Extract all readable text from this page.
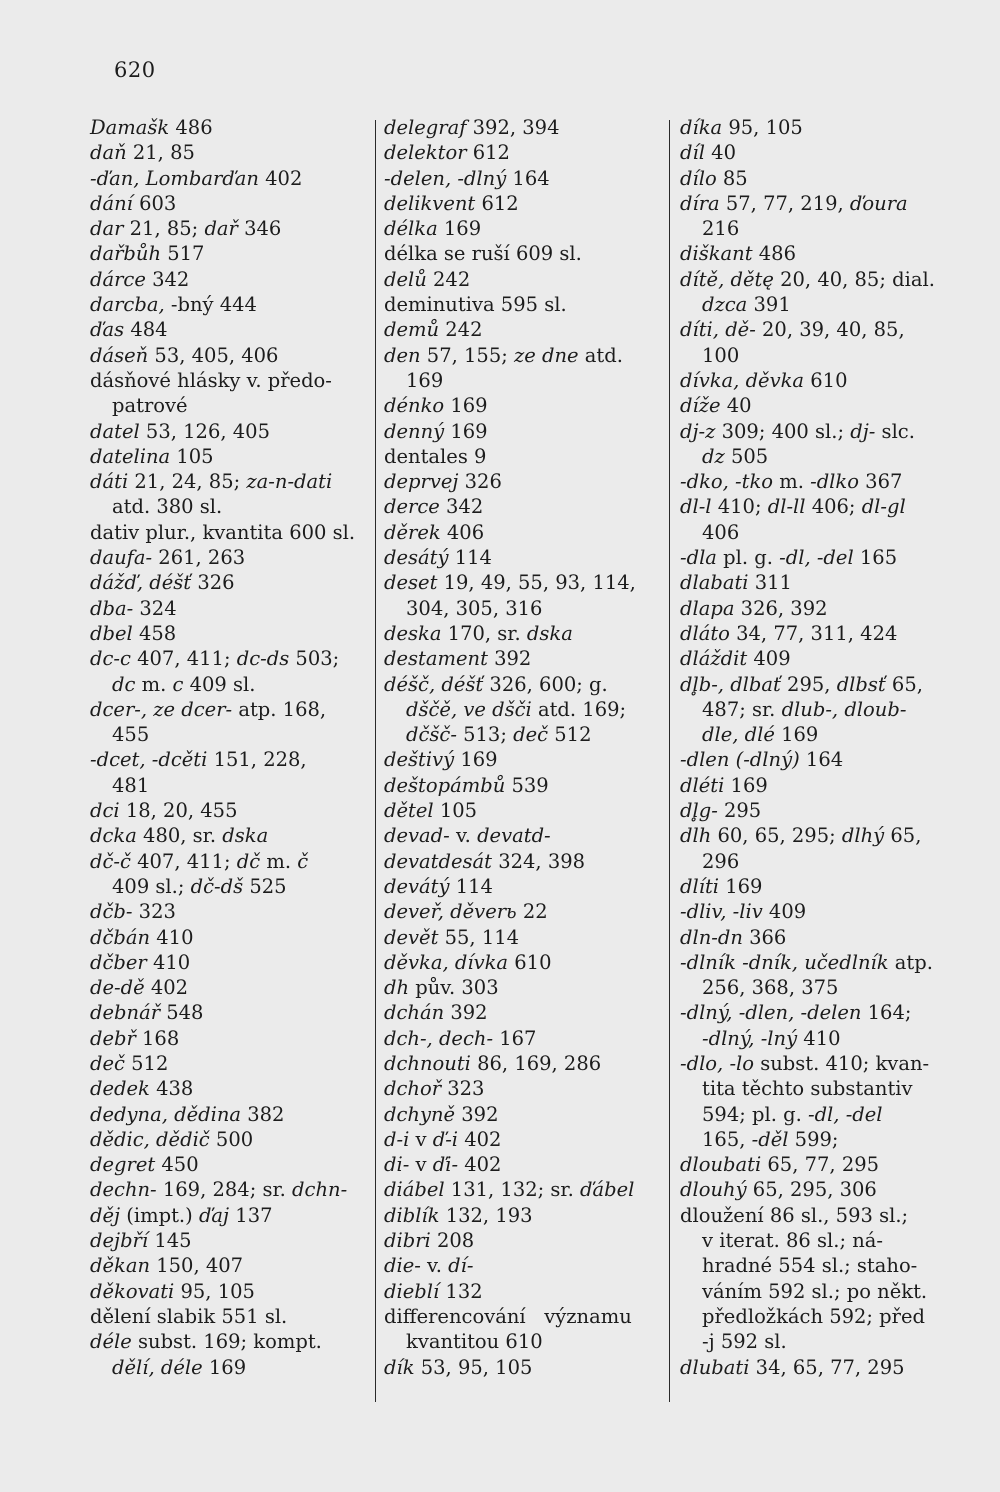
620
Damašk 486
daň 21, 85
-ďan, Lombarďan 402
dání 603
dar 21, 85; dař 346
dařbůh 517
dárce 342
darcba, -bný 444
ďas 484
dáseň 53, 405, 406
dásňové hlásky v. předo-
patrové
datel 53, 126, 405
datelina 105
dáti 21, 24, 85; za-n-dati
atd. 380 sl.
dativ plur., kvantita 600 sl.
daufa- 261, 263
dážď, déšť 326
dba- 324
dbel 458
dc-c 407, 411; dc-ds 503;
dc m. c 409 sl.
dcer-, ze dcer- atp. 168,
455
-dcet, -dcěti 151, 228,
481
dci 18, 20, 455
dcka 480, sr. dska
dč-č 407, 411; dč m. č
409 sl.; dč-dš 525
dčb- 323
dčbán 410
dčber 410
de-dě 402
debnář 548
debř 168
deč 512
dedek 438
dedyna, dědina 382
dědic, dědič 500
degret 450
dechn- 169, 284; sr. dchn-
děj (impt.) ďaj 137
dejbří 145
děkan 150, 407
děkovati 95, 105
dělení slabik 551 sl.
déle subst. 169; kompt.
dělí, déle 169
delegraf 392, 394
delektor 612
-delen, -dlný 164
delikvent 612
délka 169
délka se ruší 609 sl.
delů 242
deminutiva 595 sl.
demů 242
den 57, 155; ze dne atd.
169
dénko 169
denný 169
dentales 9
deprvej 326
derce 342
děrek 406
desátý 114
deset 19, 49, 55, 93, 114,
304, 305, 316
deska 170, sr. dska
destament 392
déšč, déšť 326, 600; g.
dščě, ve dšči atd. 169;
dčšč- 513; deč 512
deštivý 169
deštopámbů 539
dětel 105
devad- v. devatd-
devatdesát 324, 398
devátý 114
deveř, děverь 22
devět 55, 114
děvka, dívka 610
dh pův. 303
dchán 392
dch-, dech- 167
dchnouti 86, 169, 286
dchoř 323
dchyně 392
d-i v ď-i 402
di- v ďi- 402
diábel 131, 132; sr. ďábel
diblík 132, 193
dibri 208
die- v. dí-
dieblí 132
differencování   významu
kvantitou 610
dík 53, 95, 105
díka 95, 105
díl 40
dílo 85
díra 57, 77, 219, ďoura
216
diškant 486
dítě, dětę 20, 40, 85; dial.
dzca 391
díti, dě- 20, 39, 40, 85,
100
dívka, děvka 610
díže 40
dj-z 309; 400 sl.; dj- slc.
dz 505
-dko, -tko m. -dlko 367
dl-l 410; dl-ll 406; dl-gl
406
-dla pl. g. -dl, -del 165
dlabati 311
dlapa 326, 392
dláto 34, 77, 311, 424
dláždit 409
dl̥b-, dlbať 295, dlbsť 65,
487; sr. dlub-, dloub-
dle, dlé 169
-dlen (-dlný) 164
dléti 169
dl̥g- 295
dlh 60, 65, 295; dlhý 65,
296
dlíti 169
-dliv, -liv 409
dln-dn 366
-dlník -dník, učedlník atp.
256, 368, 375
-dlný, -dlen, -delen 164;
-dlný, -lný 410
-dlo, -lo subst. 410; kvan-
tita těchto substantiv
594; pl. g. -dl, -del
165, -děl 599;
dloubati 65, 77, 295
dlouhý 65, 295, 306
dloužení 86 sl., 593 sl.;
v iterat. 86 sl.; ná-
hradné 554 sl.; staho-
váním 592 sl.; po někt.
předložkách 592; před
-j 592 sl.
dlubati 34, 65, 77, 295
